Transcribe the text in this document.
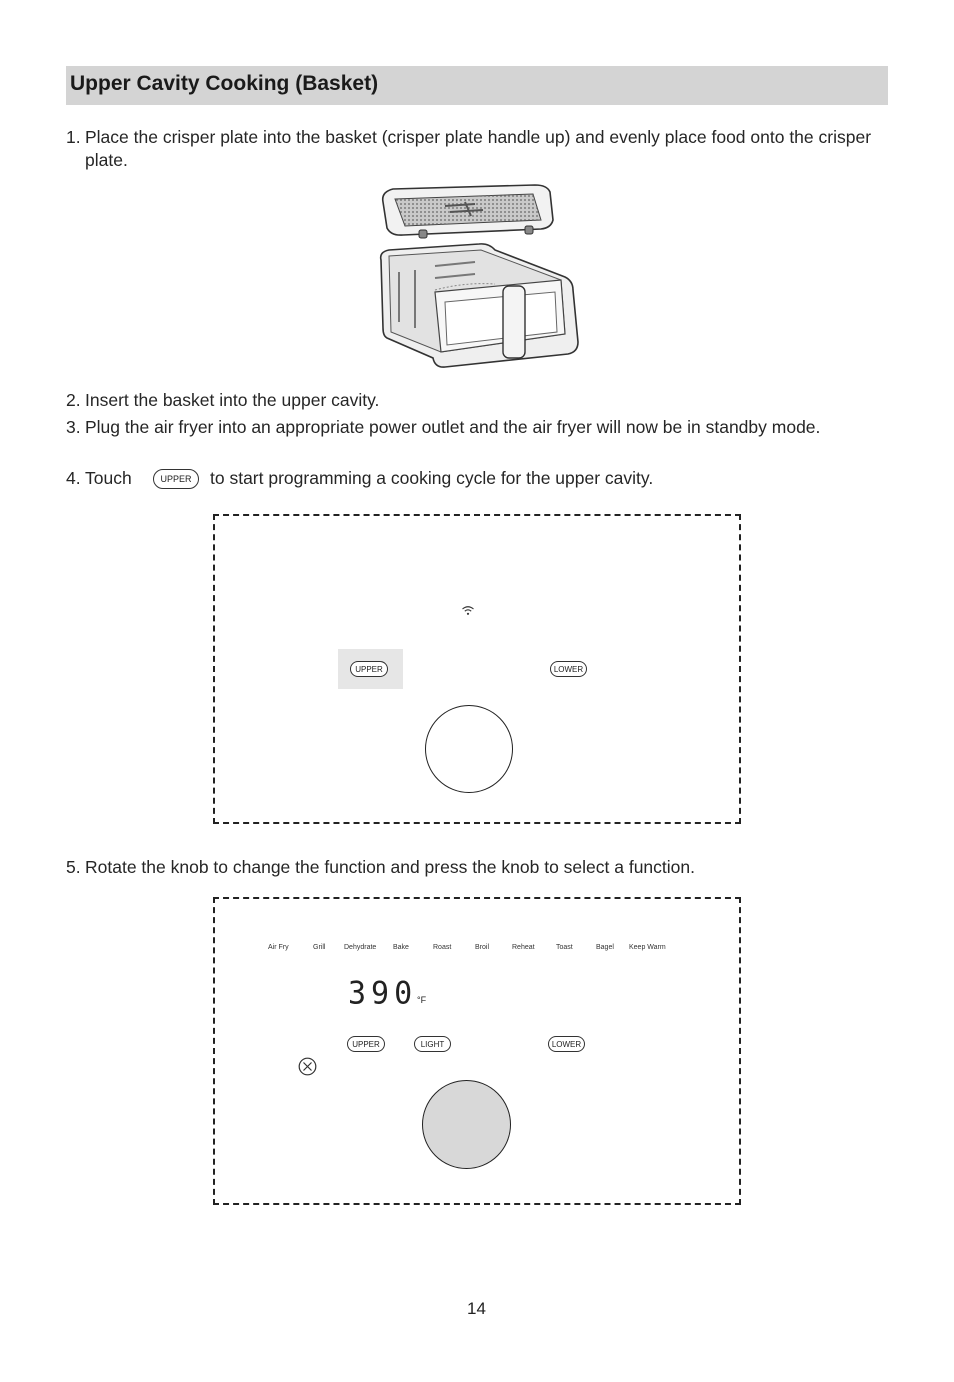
Upper Cavity Cooking (Basket)
1. Place the crisper plate into the basket (crisper plate handle up) and evenly place food onto the crisper plate.
2. Insert the basket into the upper cavity.
3. Plug the air fryer into an appropriate power outlet and the air fryer will now be in standby mode.
4. Touch	UPPER	to start programming a cooking cycle for the upper cavity.
UPPER	LOWER
5. Rotate the knob to change the function and press the knob to select a function.
Air Fry	Grill	Dehydrate Bake	Roast	Broil	Reheat	Toast	Bagel Keep Warm
390 °F
UPPER	LIGHT	LOWER
14
